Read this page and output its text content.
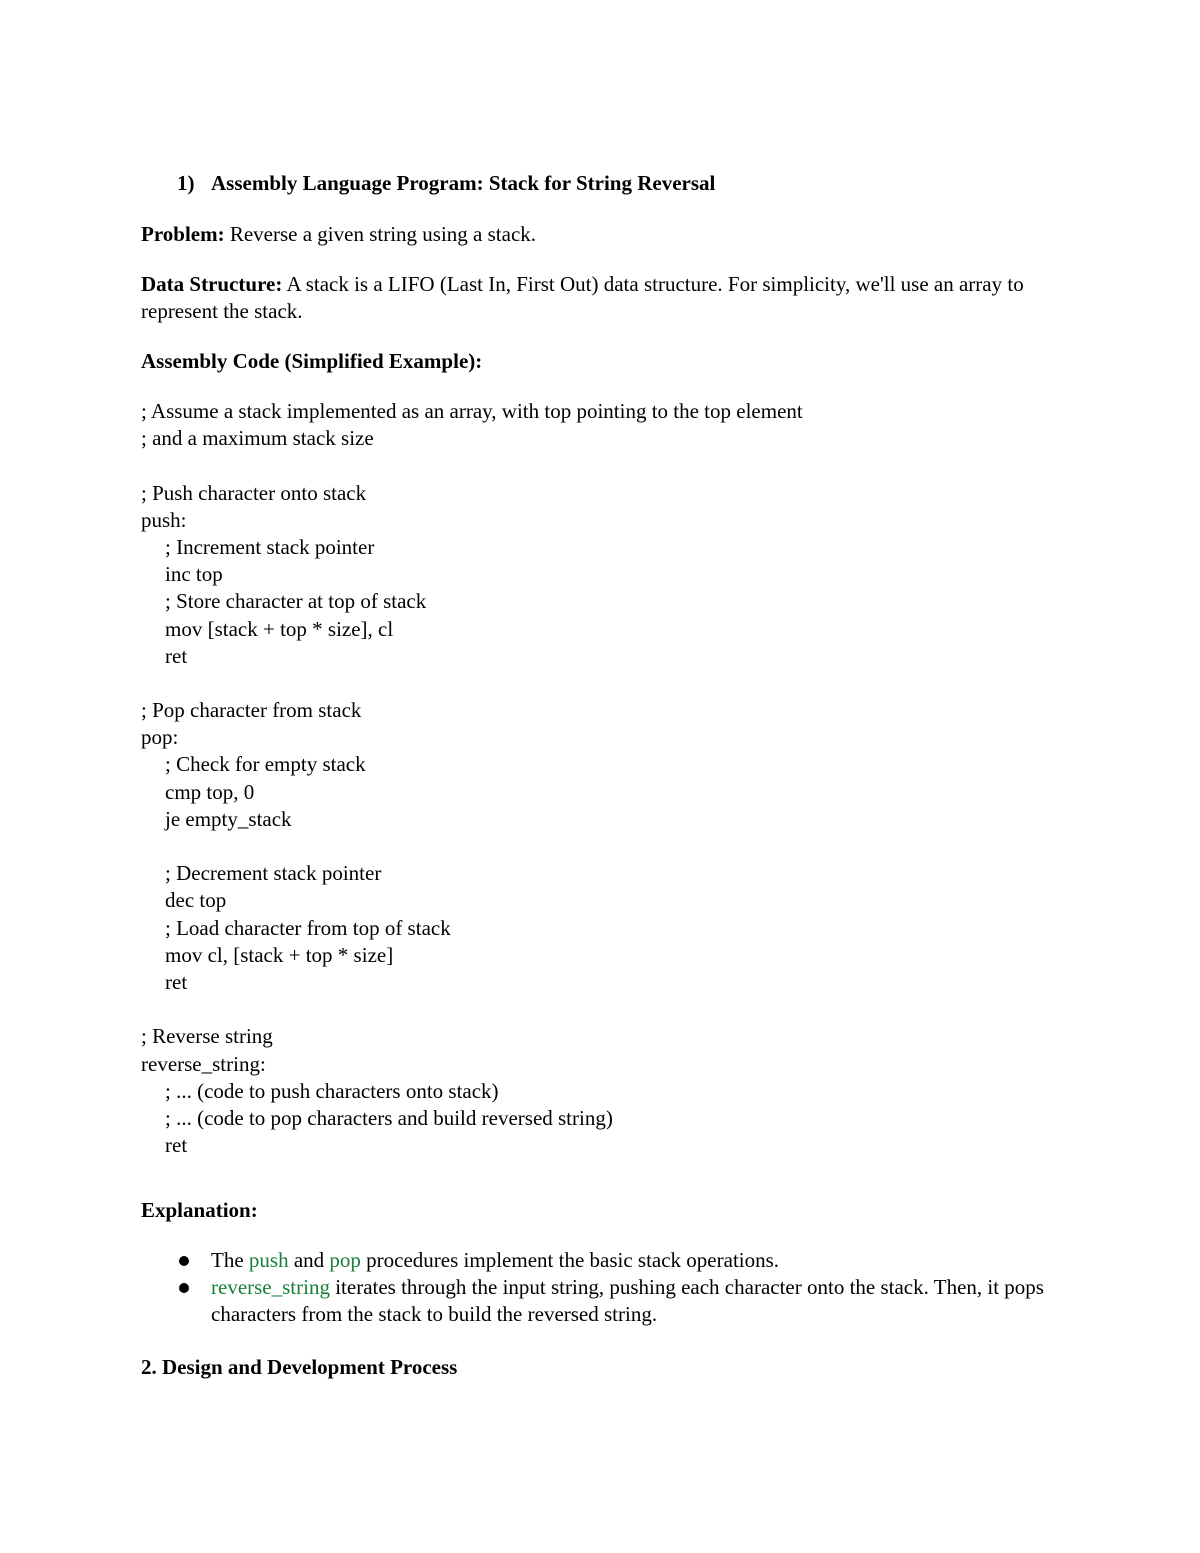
1) Assembly Language Program: Stack for String Reversal

Problem: Reverse a given string using a stack.

Data Structure: A stack is a LIFO (Last In, First Out) data structure. For simplicity, we'll use an array to represent the stack.

Assembly Code (Simplified Example):

; Assume a stack implemented as an array, with top pointing to the top element
; and a maximum stack size
; Push character onto stack
push:
; Increment stack pointer
inc top
; Store character at top of stack
mov [stack + top * size], cl
ret
; Pop character from stack
pop:
; Check for empty stack
cmp top, 0
je empty_stack
; Decrement stack pointer
dec top
; Load character from top of stack
mov cl, [stack + top * size]
ret
; Reverse string
reverse_string:
; ... (code to push characters onto stack)
; ... (code to pop characters and build reversed string)
ret
Explanation:
The push and pop procedures implement the basic stack operations.
reverse_string iterates through the input string, pushing each character onto the stack. Then, it pops characters from the stack to build the reversed string.
2. Design and Development Process
